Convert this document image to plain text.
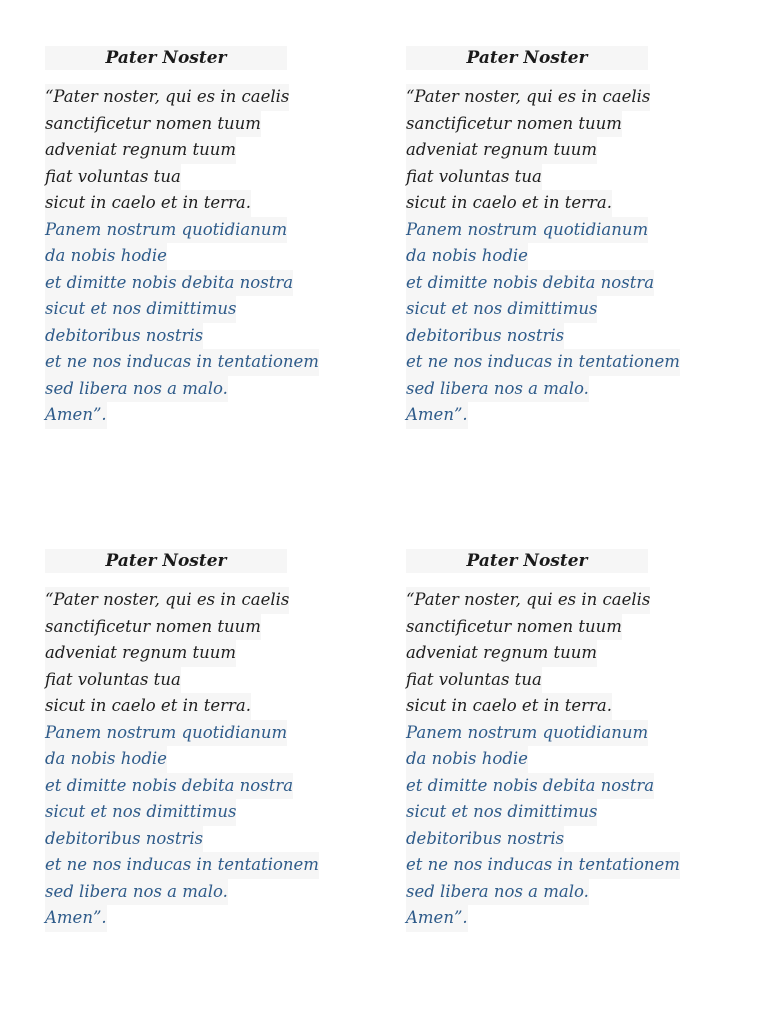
Pater Noster
“Pater noster, qui es in caelis
sanctificetur nomen tuum
adveniat regnum tuum
fiat voluntas tua
sicut in caelo et in terra.
Panem nostrum quotidianum
da nobis hodie
et dimitte nobis debita nostra
sicut et nos dimittimus
debitoribus nostris
et ne nos inducas in tentationem
sed libera nos a malo.
Amen”.
Pater Noster
“Pater noster, qui es in caelis
sanctificetur nomen tuum
adveniat regnum tuum
fiat voluntas tua
sicut in caelo et in terra.
Panem nostrum quotidianum
da nobis hodie
et dimitte nobis debita nostra
sicut et nos dimittimus
debitoribus nostris
et ne nos inducas in tentationem
sed libera nos a malo.
Amen”.
Pater Noster
“Pater noster, qui es in caelis
sanctificetur nomen tuum
adveniat regnum tuum
fiat voluntas tua
sicut in caelo et in terra.
Panem nostrum quotidianum
da nobis hodie
et dimitte nobis debita nostra
sicut et nos dimittimus
debitoribus nostris
et ne nos inducas in tentationem
sed libera nos a malo.
Amen”.
Pater Noster
“Pater noster, qui es in caelis
sanctificetur nomen tuum
adveniat regnum tuum
fiat voluntas tua
sicut in caelo et in terra.
Panem nostrum quotidianum
da nobis hodie
et dimitte nobis debita nostra
sicut et nos dimittimus
debitoribus nostris
et ne nos inducas in tentationem
sed libera nos a malo.
Amen”.
